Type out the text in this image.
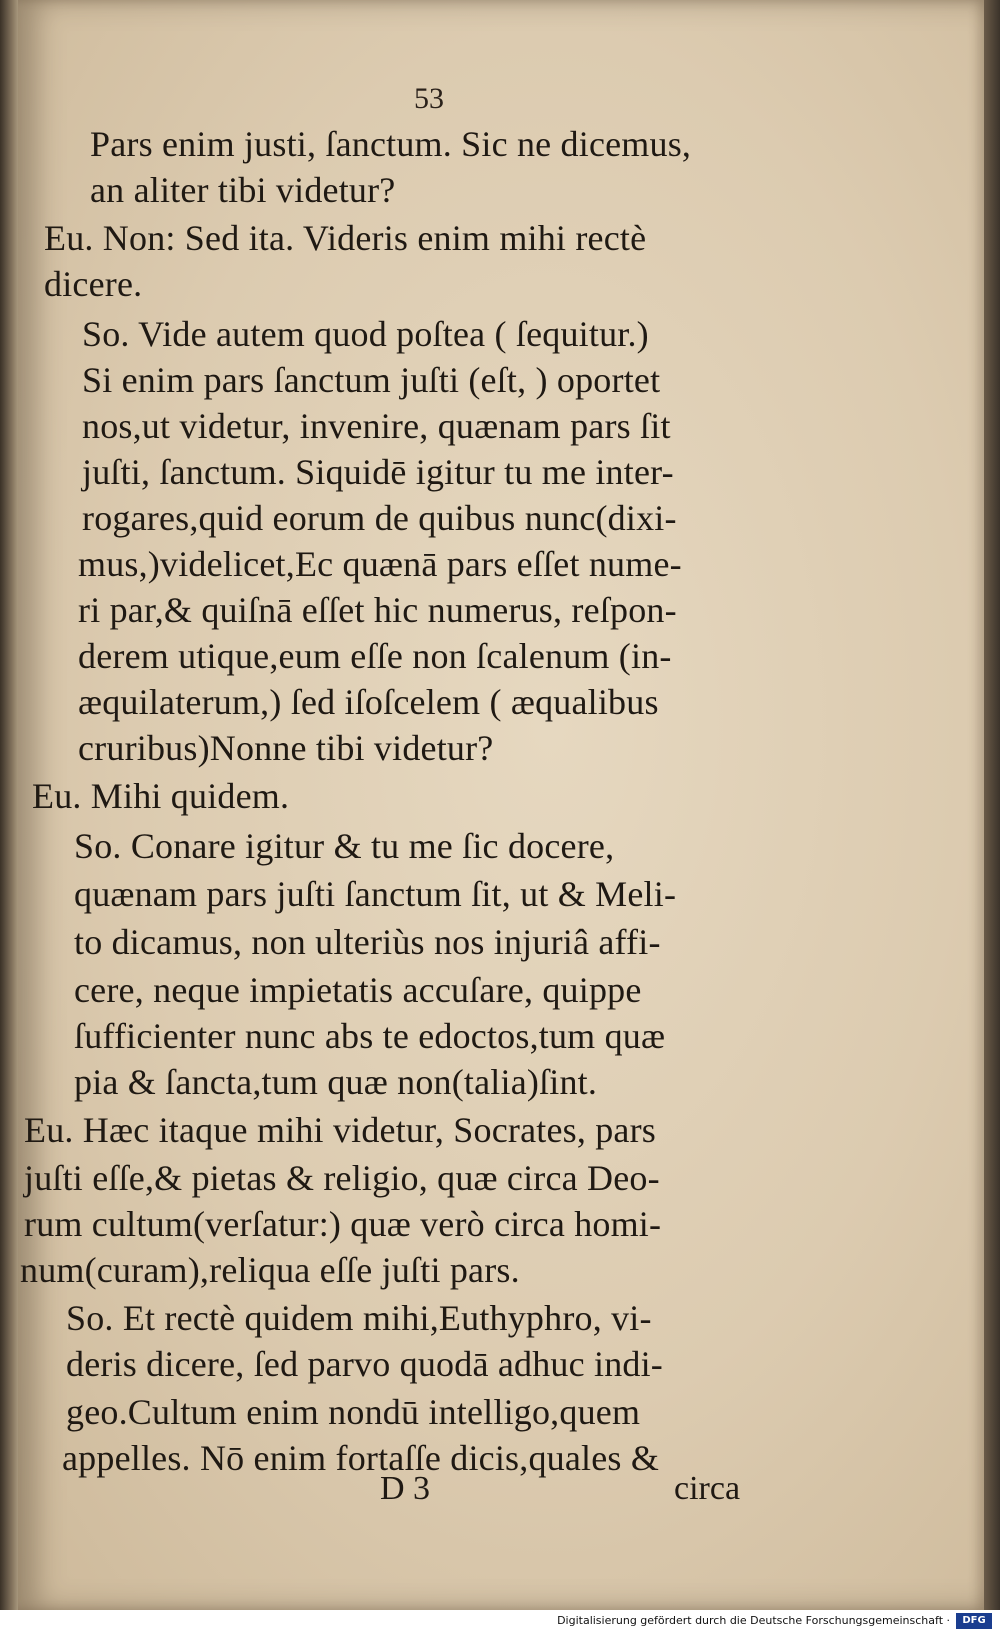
53
Pars enim justi, ſanctum. Sic ne dicemus,
an aliter tibi videtur?
Eu. Non: Sed ita. Videris enim mihi rectè
dicere.
So. Vide autem quod poſtea ( ſequitur.)
Si enim pars ſanctum juſti (eſt, ) oportet
nos,ut videtur, invenire, quænam pars ſit
juſti, ſanctum. Siquidē igitur tu me inter-
rogares,quid eorum de quibus nunc(dixi-
mus,)videlicet,Ec quænā pars eſſet nume-
ri par,& quiſnā eſſet hic numerus, reſpon-
derem utique,eum eſſe non ſcalenum (in-
æquilaterum,) ſed iſoſcelem ( æqualibus
cruribus)Nonne tibi videtur?
Eu. Mihi quidem.
So. Conare igitur & tu me ſic docere,
quænam pars juſti ſanctum ſit, ut & Meli-
to dicamus, non ulteriùs nos injuriâ affi-
cere, neque impietatis accuſare, quippe
ſufficienter nunc abs te edoctos,tum quæ
pia & ſancta,tum quæ non(talia)ſint.
Eu. Hæc itaque mihi videtur, Socrates, pars
juſti eſſe,& pietas & religio, quæ circa Deo-
rum cultum(verſatur:) quæ verò circa homi-
num(curam),reliqua eſſe juſti pars.
So. Et rectè quidem mihi,Euthyphro, vi-
deris dicere, ſed parvo quodā adhuc indi-
geo.Cultum enim nondū intelligo,quem
appelles. Nō enim fortaſſe dicis,quales &
D 3	circa
Digitalisierung gefördert durch die Deutsche Forschungsgemeinschaft ·	DFG
